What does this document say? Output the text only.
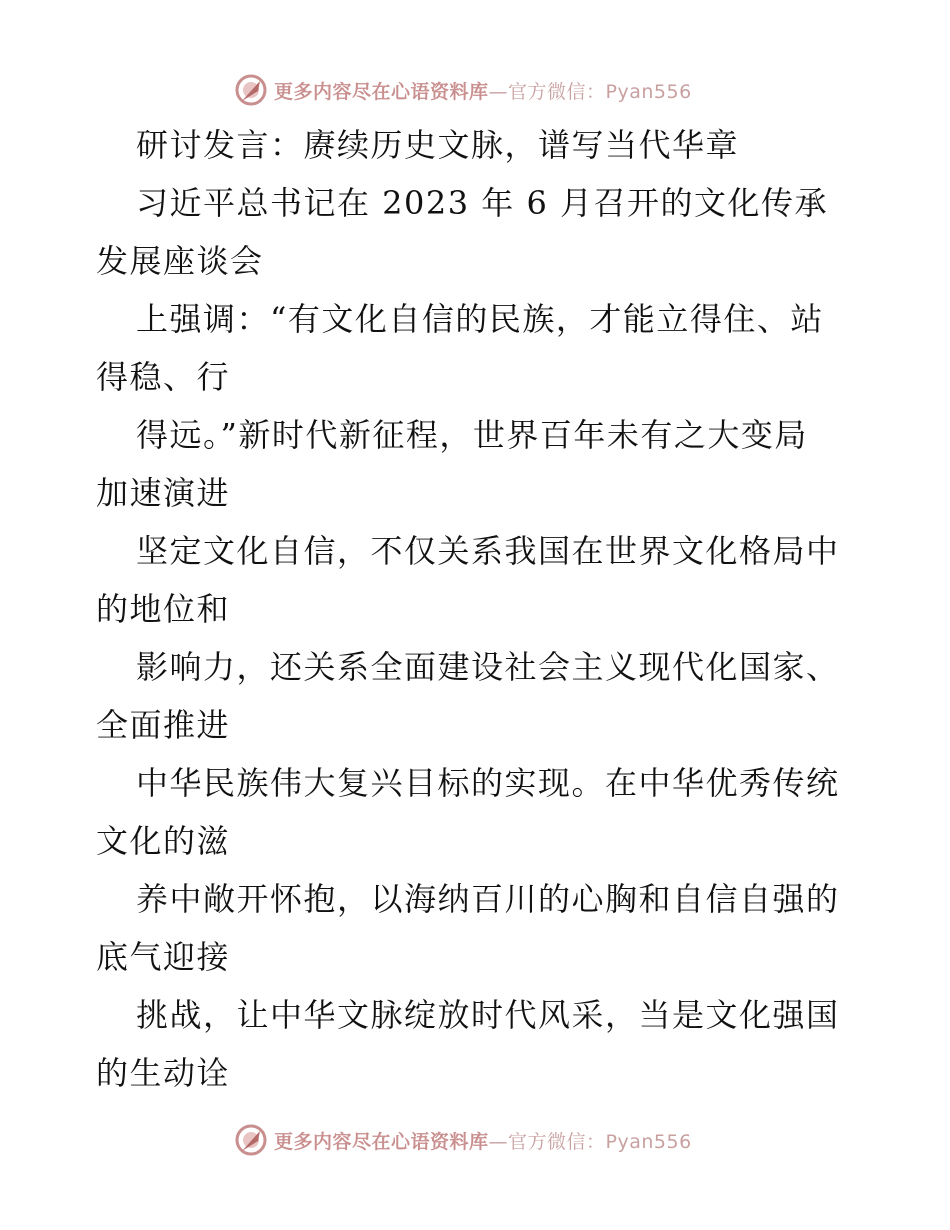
更多内容尽在心语资料库—官方微信：Pyan556
研讨发言：赓续历史文脉，谱写当代华章
习近平总书记在 2023 年 6 月召开的文化传承
发展座谈会
上强调：“有文化自信的民族，才能立得住、站
得稳、行
得远。”新时代新征程，世界百年未有之大变局
加速演进
坚定文化自信，不仅关系我国在世界文化格局中
的地位和
影响力，还关系全面建设社会主义现代化国家、
全面推进
中华民族伟大复兴目标的实现。在中华优秀传统
文化的滋
养中敞开怀抱，以海纳百川的心胸和自信自强的
底气迎接
挑战，让中华文脉绽放时代风采，当是文化强国
的生动诠
更多内容尽在心语资料库—官方微信：Pyan556
